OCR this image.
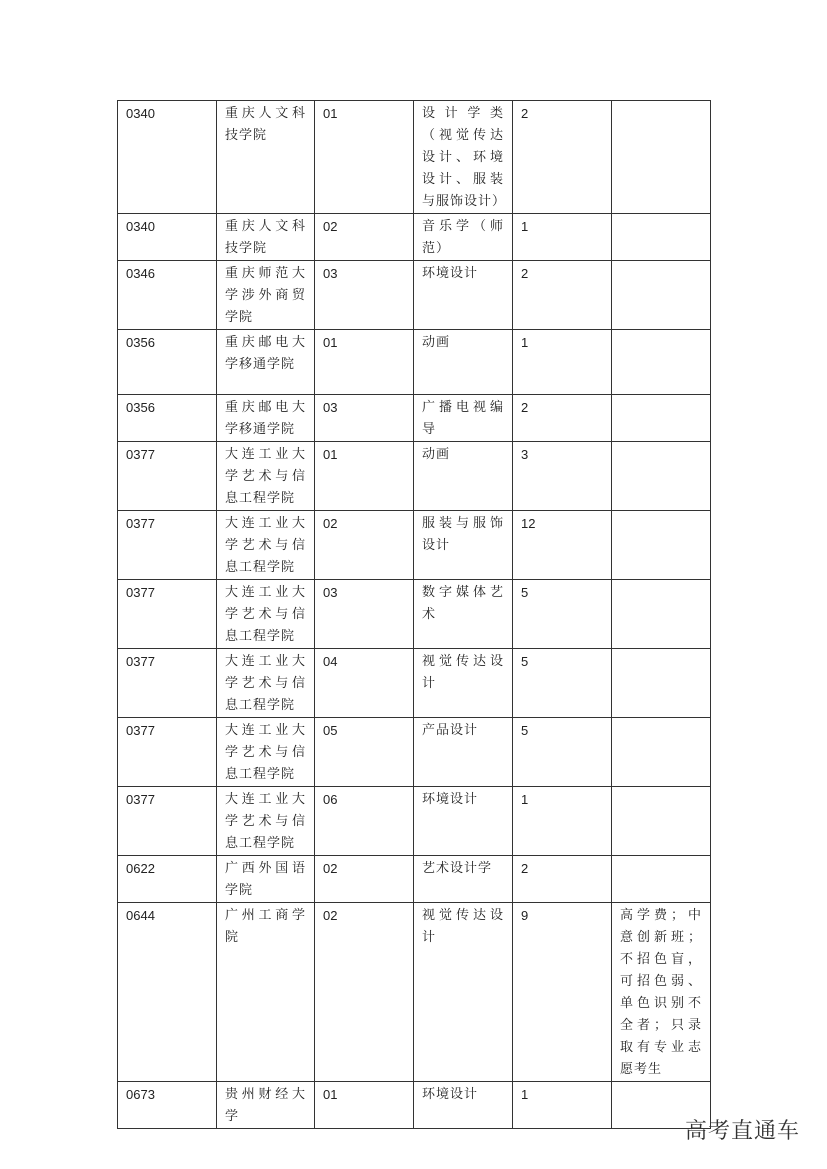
0340	重庆人文科技学院	01	设计学类（视觉传达设计、环境设计、服装与服饰设计）	2	
0340	重庆人文科技学院	02	音乐学（师范）	1	
0346	重庆师范大学涉外商贸学院	03	环境设计	2	
0356	重庆邮电大学移通学院	01	动画	1	
0356	重庆邮电大学移通学院	03	广播电视编导	2	
0377	大连工业大学艺术与信息工程学院	01	动画	3	
0377	大连工业大学艺术与信息工程学院	02	服装与服饰设计	12	
0377	大连工业大学艺术与信息工程学院	03	数字媒体艺术	5	
0377	大连工业大学艺术与信息工程学院	04	视觉传达设计	5	
0377	大连工业大学艺术与信息工程学院	05	产品设计	5	
0377	大连工业大学艺术与信息工程学院	06	环境设计	1	
0622	广西外国语学院	02	艺术设计学	2	
0644	广州工商学院	02	视觉传达设计	9	高学费；中意创新班；不招色盲，可招色弱、单色识别不全者；只录取有专业志愿考生
0673	贵州财经大学	01	环境设计	1	
高考直通车
